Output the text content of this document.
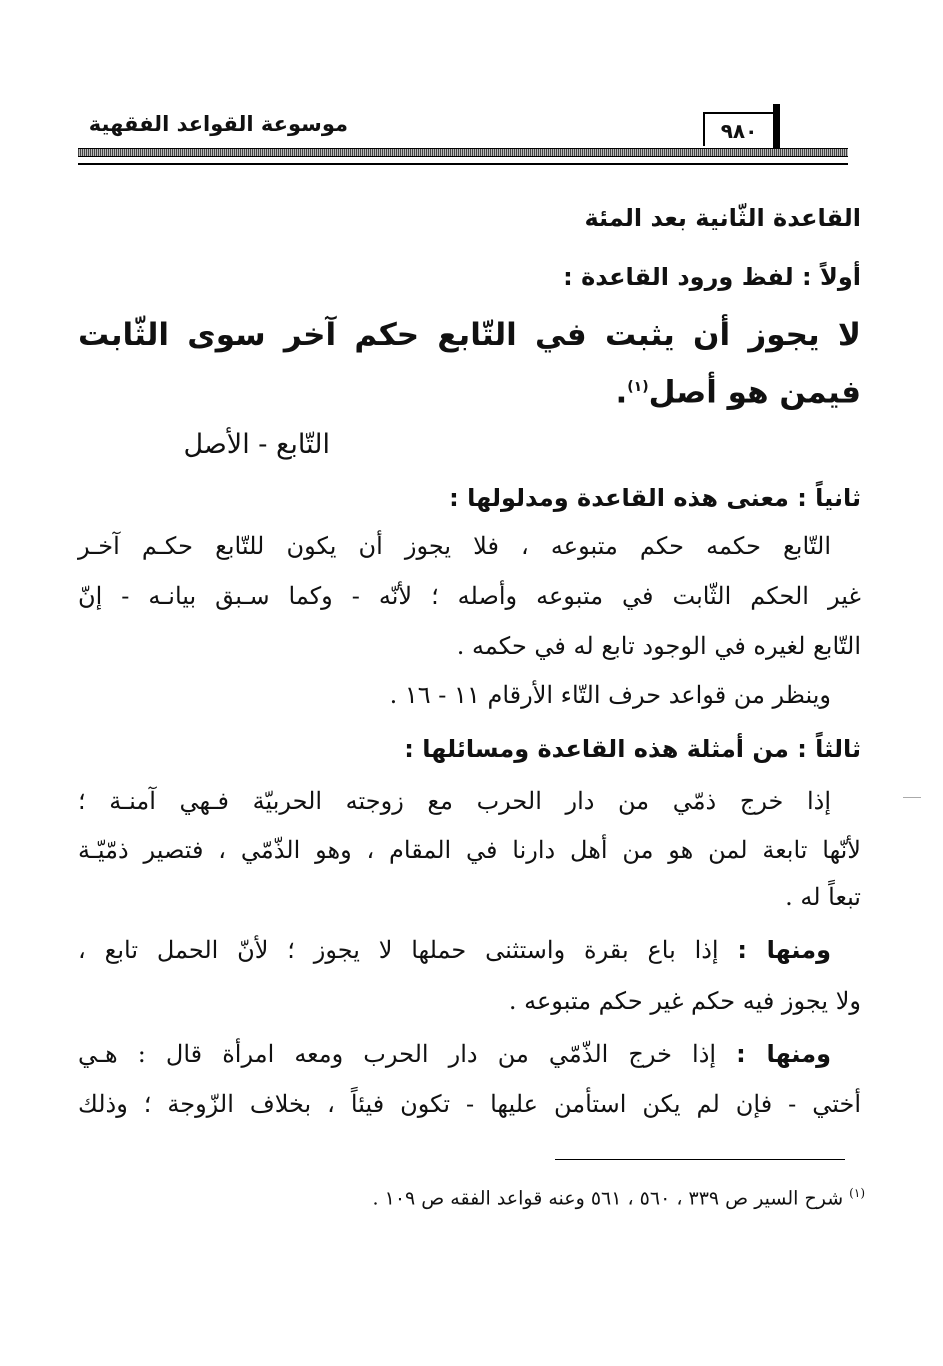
موسوعة القواعد الفقهية	٩٨٠
القاعدة الثّانية بعد المئة
أولاً : لفظ ورود القاعدة :
لا يجوز أن يثبت في التّابع حكم آخر سوى الثّابت
فيمن هو أصل$^{(١)}$.
التّابع - الأصل
ثانياً : معنى هذه القاعدة ومدلولها :
التّابع حكمه حكم متبوعه ، فلا يجوز أن يكون للتّابع حكـم آخـر
غير الحكم الثّابت في متبوعه وأصله ؛ لأنّه - وكما سـبق بيانـه - إنّ
التّابع لغيره في الوجود تابع له في حكمه .
وينظر من قواعد حرف التّاء الأرقام ١١ - ١٦ .
ثالثاً : من أمثلة هذه القاعدة ومسائلها :
إذا خرج ذمّي من دار الحرب مع زوجته الحربيّة فـهي آمنـة ؛
لأنّها تابعة لمن هو من أهل دارنا في المقام ، وهو الذّمّي ، فتصير ذمّيّـة
تبعاً له .
ومنها : إذا باع بقرة واستثنى حملها لا يجوز ؛ لأنّ الحمل تابع ،
ولا يجوز فيه حكم غير حكم متبوعه .
ومنها : إذا خرج الذّمّي من دار الحرب ومعه امرأة قال : هـي
أختي - فإن لم يكن استأمن عليها - تكون فيئاً ، بخلاف الزّوجة ؛ وذلك
$^{(١)}$ شرح السير ص ٣٣٩ ، ٥٦٠ ، ٥٦١ وعنه قواعد الفقه ص ١٠٩ .
